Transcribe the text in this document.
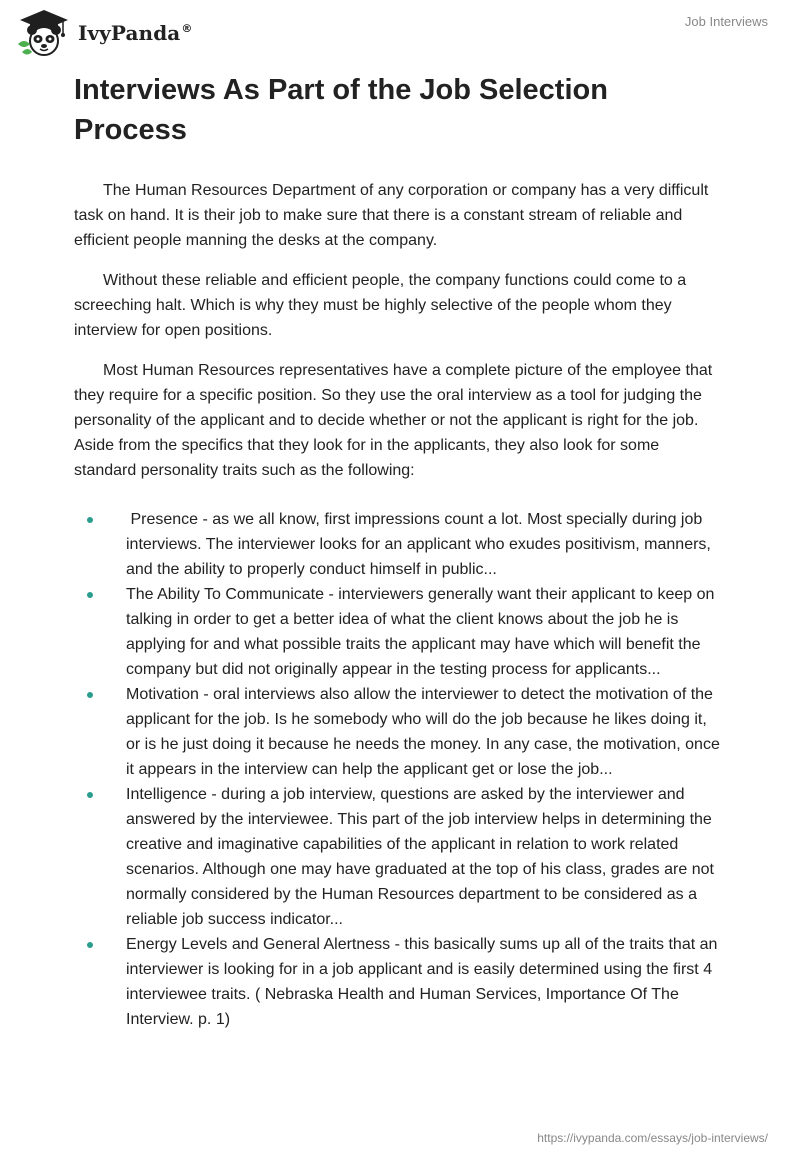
IvyPanda®	Job Interviews
Interviews As Part of the Job Selection Process

The Human Resources Department of any corporation or company has a very difficult task on hand. It is their job to make sure that there is a constant stream of reliable and efficient people manning the desks at the company.

Without these reliable and efficient people, the company functions could come to a screeching halt. Which is why they must be highly selective of the people whom they interview for open positions.

Most Human Resources representatives have a complete picture of the employee that they require for a specific position. So they use the oral interview as a tool for judging the personality of the applicant and to decide whether or not the applicant is right for the job. Aside from the specifics that they look for in the applicants, they also look for some standard personality traits such as the following:

Presence - as we all know, first impressions count a lot. Most specially during job interviews. The interviewer looks for an applicant who exudes positivism, manners, and the ability to properly conduct himself in public...
The Ability To Communicate - interviewers generally want their applicant to keep on talking in order to get a better idea of what the client knows about the job he is applying for and what possible traits the applicant may have which will benefit the company but did not originally appear in the testing process for applicants...
Motivation - oral interviews also allow the interviewer to detect the motivation of the applicant for the job. Is he somebody who will do the job because he likes doing it, or is he just doing it because he needs the money. In any case, the motivation, once it appears in the interview can help the applicant get or lose the job...
Intelligence - during a job interview, questions are asked by the interviewer and answered by the interviewee. This part of the job interview helps in determining the creative and imaginative capabilities of the applicant in relation to work related scenarios. Although one may have graduated at the top of his class, grades are not normally considered by the Human Resources department to be considered as a reliable job success indicator...
Energy Levels and General Alertness - this basically sums up all of the traits that an interviewer is looking for in a job applicant and is easily determined using the first 4 interviewee traits. ( Nebraska Health and Human Services, Importance Of The Interview. p. 1)
https://ivypanda.com/essays/job-interviews/
